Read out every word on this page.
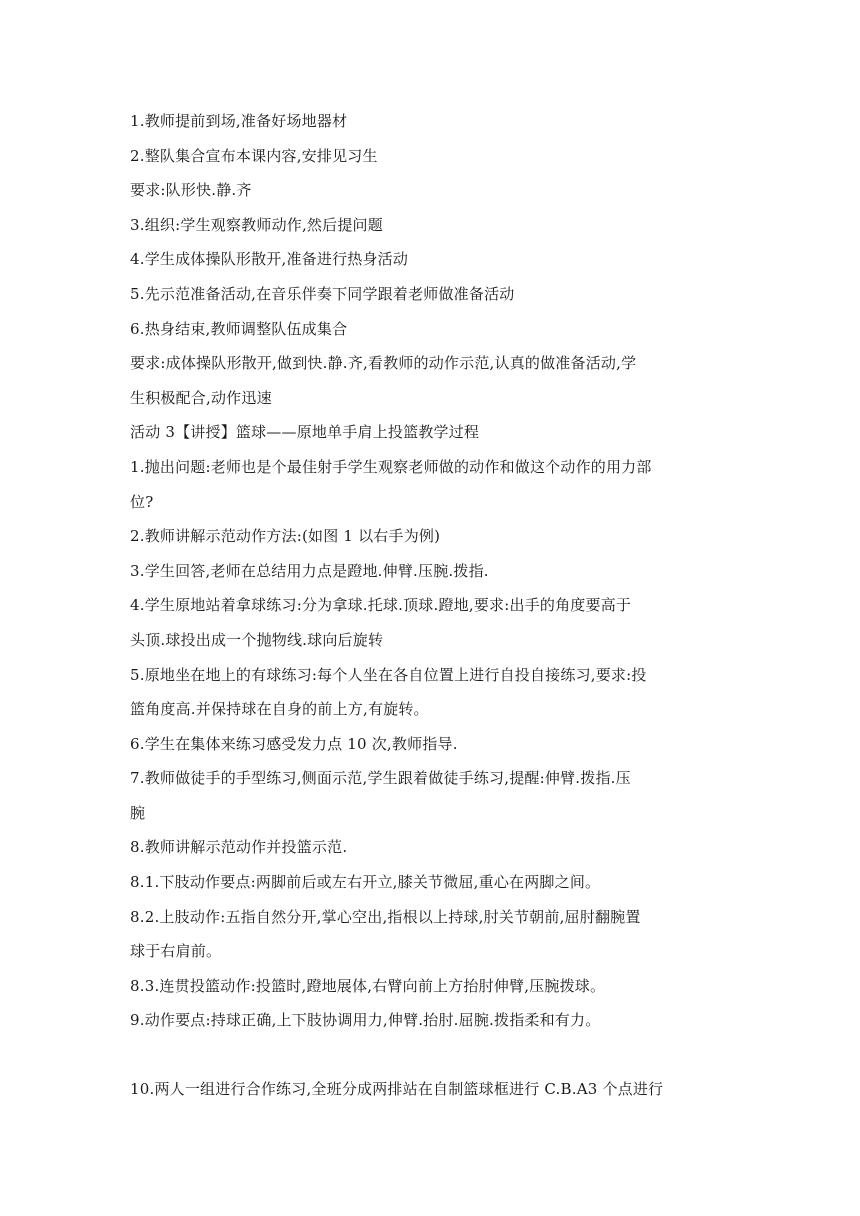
1.教师提前到场,准备好场地器材
2.整队集合宣布本课内容,安排见习生
要求:队形快.静.齐
3.组织:学生观察教师动作,然后提问题
4.学生成体操队形散开,准备进行热身活动
5.先示范准备活动,在音乐伴奏下同学跟着老师做准备活动
6.热身结束,教师调整队伍成集合
要求:成体操队形散开,做到快.静.齐,看教师的动作示范,认真的做准备活动,学
生积极配合,动作迅速
活动 3【讲授】篮球——原地单手肩上投篮教学过程
1.抛出问题:老师也是个最佳射手学生观察老师做的动作和做这个动作的用力部
位?
2.教师讲解示范动作方法:(如图 1 以右手为例)
3.学生回答,老师在总结用力点是蹬地.伸臂.压腕.拨指.
4.学生原地站着拿球练习:分为拿球.托球.顶球.蹬地,要求:出手的角度要高于
头顶.球投出成一个抛物线.球向后旋转
5.原地坐在地上的有球练习:每个人坐在各自位置上进行自投自接练习,要求:投
篮角度高.并保持球在自身的前上方,有旋转。
6.学生在集体来练习感受发力点 10 次,教师指导.
7.教师做徒手的手型练习,侧面示范,学生跟着做徒手练习,提醒:伸臂.拨指.压
腕
8.教师讲解示范动作并投篮示范.
8.1.下肢动作要点:两脚前后或左右开立,膝关节微屈,重心在两脚之间。
8.2.上肢动作:五指自然分开,掌心空出,指根以上持球,肘关节朝前,屈肘翻腕置
球于右肩前。
8.3.连贯投篮动作:投篮时,蹬地展体,右臂向前上方抬肘伸臂,压腕拨球。
9.动作要点:持球正确,上下肢协调用力,伸臂.抬肘.屈腕.拨指柔和有力。
10.两人一组进行合作练习,全班分成两排站在自制篮球框进行 C.B.A3 个点进行
